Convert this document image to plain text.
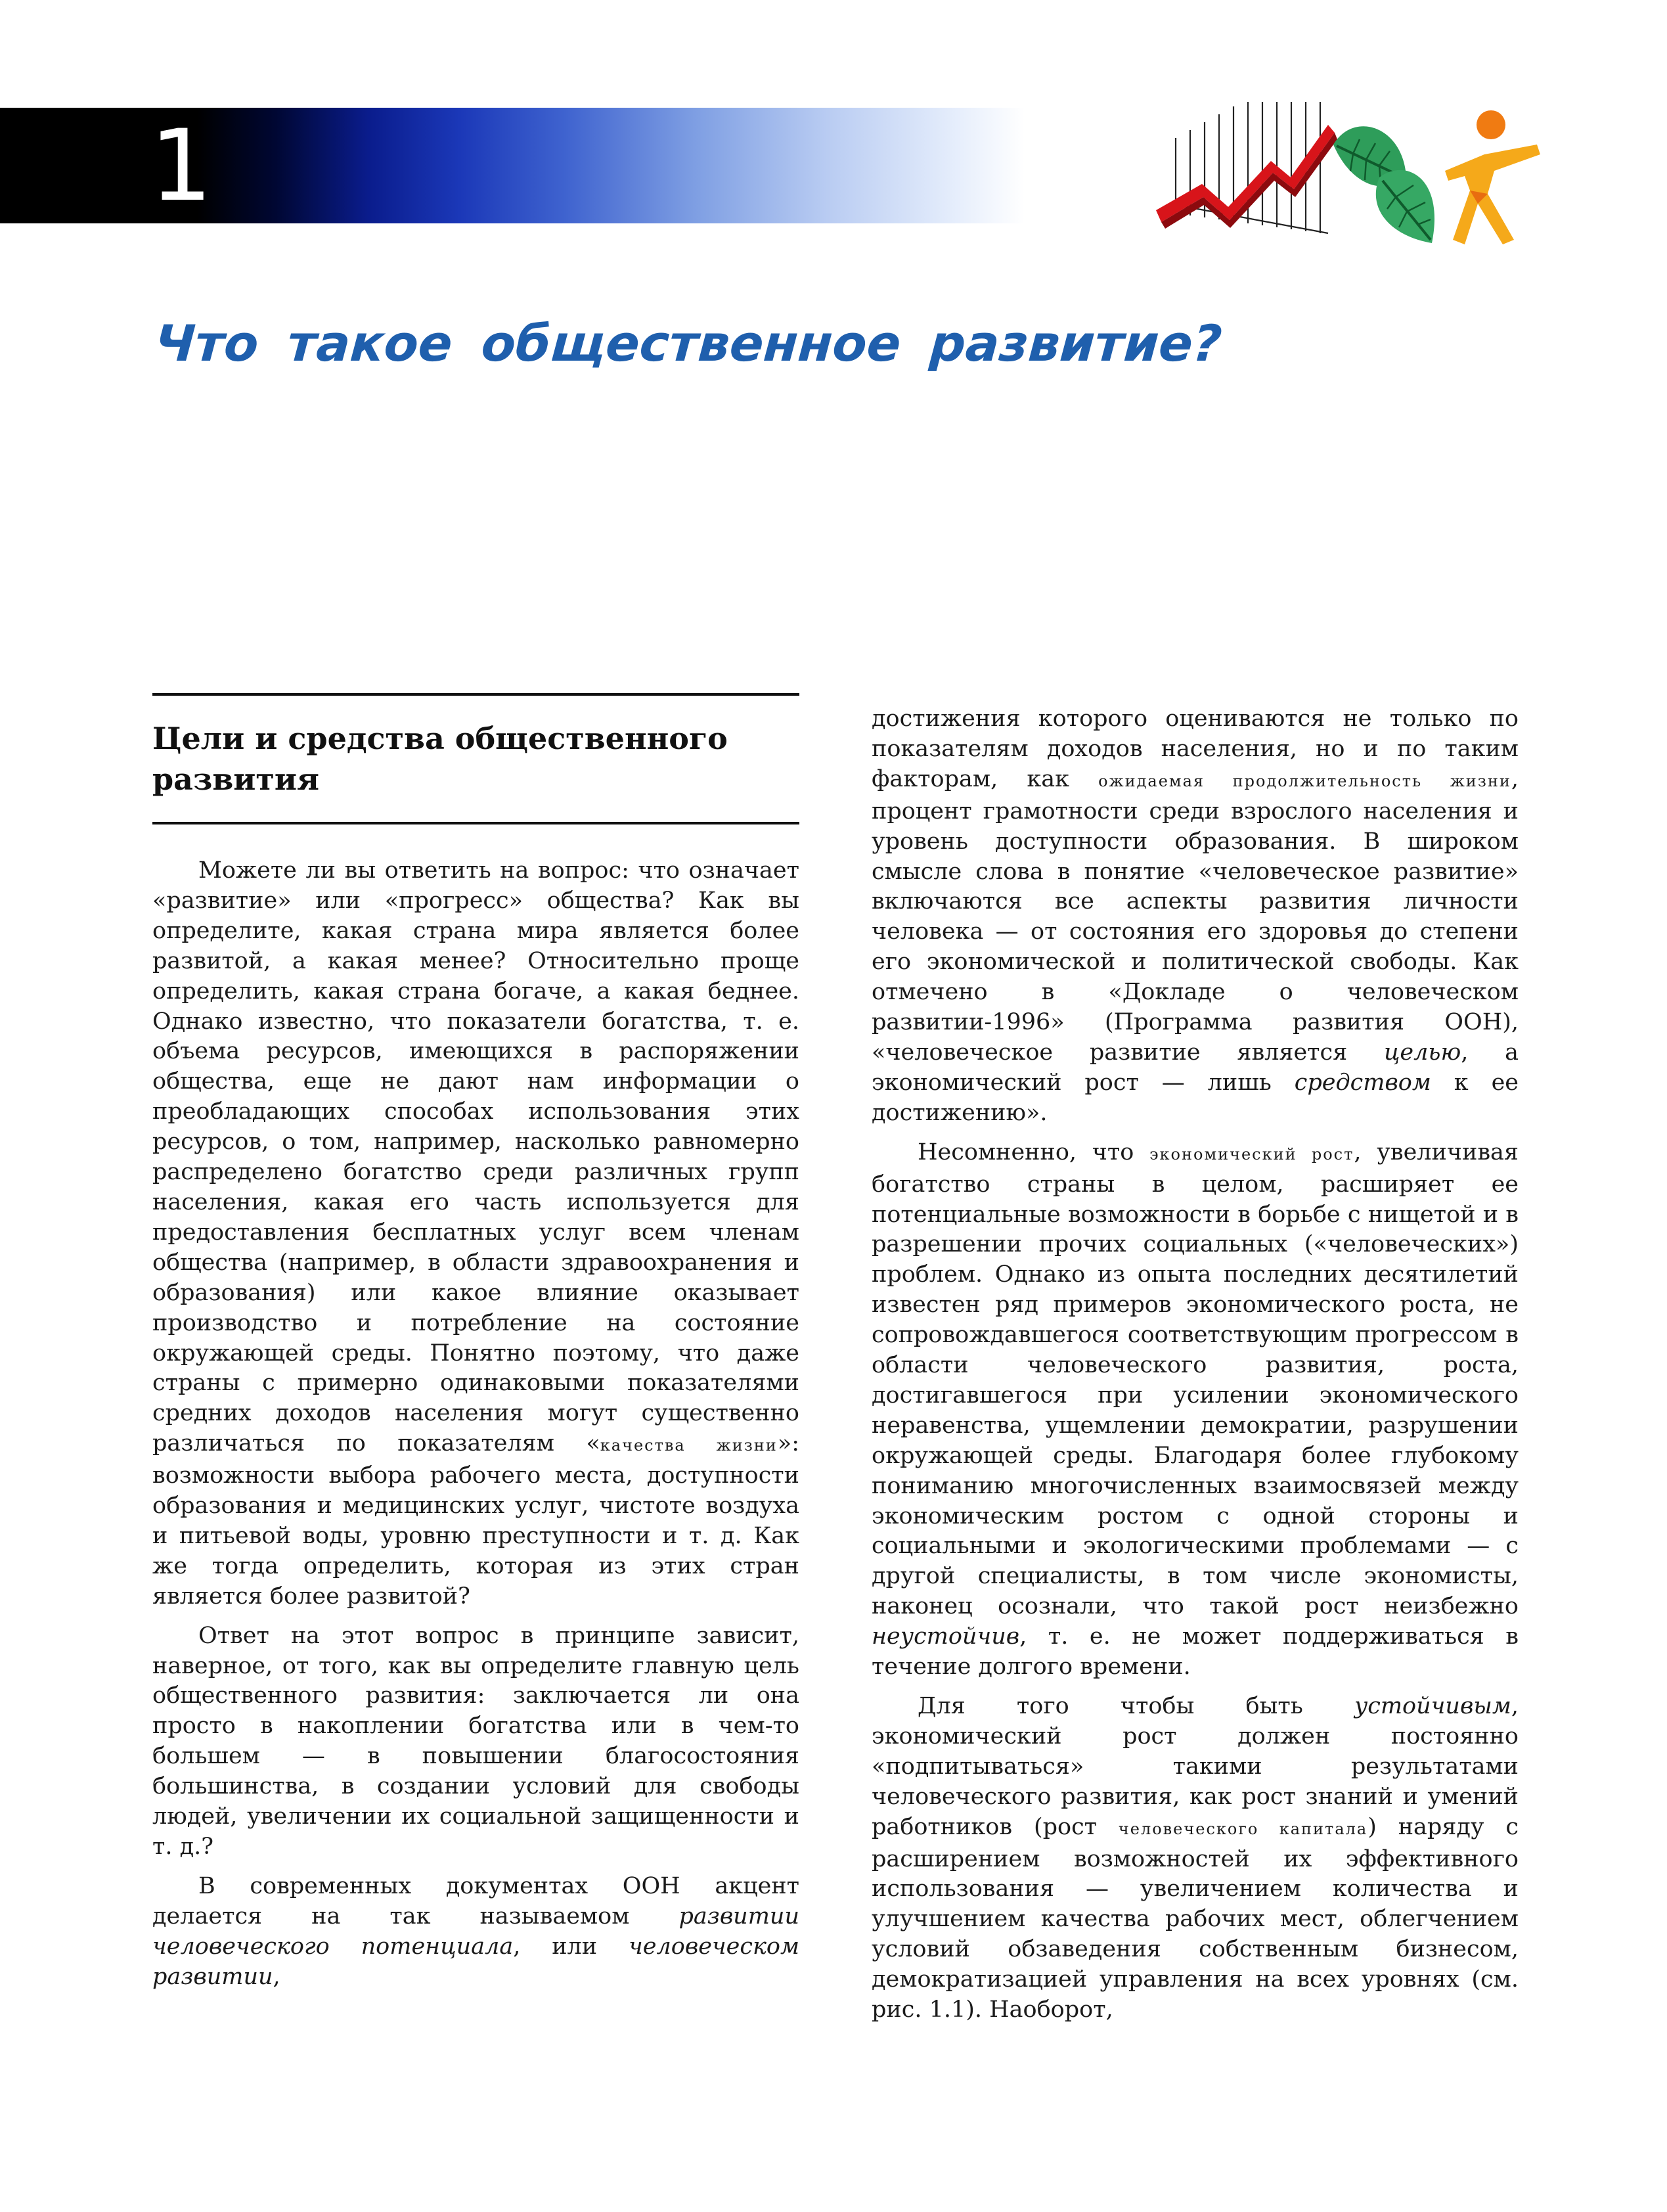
1
Что такое общественное развитие?
Цели и средства общественного развития

Можете ли вы ответить на вопрос: что означает «развитие» или «прогресс» общества? Как вы определите, какая страна мира является более развитой, а какая менее? Относительно проще определить, какая страна богаче, а какая беднее. Однако известно, что показатели богатства, т. е. объема ресурсов, имеющихся в распоряжении общества, еще не дают нам информации о преобладающих способах использования этих ресурсов, о том, например, насколько равномерно распределено богатство среди различных групп населения, какая его часть используется для предоставления бесплатных услуг всем членам общества (например, в области здравоохранения и образования) или какое влияние оказывает производство и потребление на состояние окружающей среды. Понятно поэтому, что даже страны с примерно одинаковыми показателями средних доходов населения могут существенно различаться по показателям «качества жизни»: возможности выбора рабочего места, доступности образования и медицинских услуг, чистоте воздуха и питьевой воды, уровню преступности и т. д. Как же тогда определить, которая из этих стран является более развитой?

Ответ на этот вопрос в принципе зависит, наверное, от того, как вы определите главную цель общественного развития: заключается ли она просто в накоплении богатства или в чем-то большем — в повышении благосостояния большинства, в создании условий для свободы людей, увеличении их социальной защищенности и т. д.?

В современных документах ООН акцент делается на так называемом развитии человеческого потенциала, или человеческом развитии,

достижения которого оцениваются не только по показателям доходов населения, но и по таким факторам, как ожидаемая продолжительность жизни, процент грамотности среди взрослого населения и уровень доступности образования. В широком смысле слова в понятие «человеческое развитие» включаются все аспекты развития личности человека — от состояния его здоровья до степени его экономической и политической свободы. Как отмечено в «Докладе о человеческом развитии-1996» (Программа развития ООН), «человеческое развитие является целью, а экономический рост — лишь средством к ее достижению».

Несомненно, что экономический рост, увеличивая богатство страны в целом, расширяет ее потенциальные возможности в борьбе с нищетой и в разрешении прочих социальных («человеческих») проблем. Однако из опыта последних десятилетий известен ряд примеров экономического роста, не сопровождавшегося соответствующим прогрессом в области человеческого развития, роста, достигавшегося при усилении экономического неравенства, ущемлении демократии, разрушении окружающей среды. Благодаря более глубокому пониманию многочисленных взаимосвязей между экономическим ростом с одной стороны и социальными и экологическими проблемами — с другой специалисты, в том числе экономисты, наконец осознали, что такой рост неизбежно неустойчив, т. е. не может поддерживаться в течение долгого времени.

Для того чтобы быть устойчивым, экономический рост должен постоянно «подпитываться» такими результатами человеческого развития, как рост знаний и умений работников (рост человеческого капитала) наряду с расширением возможностей их эффективного использования — увеличением количества и улучшением качества рабочих мест, облегчением условий обзаведения собственным бизнесом, демократизацией управления на всех уровнях (см. рис. 1.1). Наоборот,
